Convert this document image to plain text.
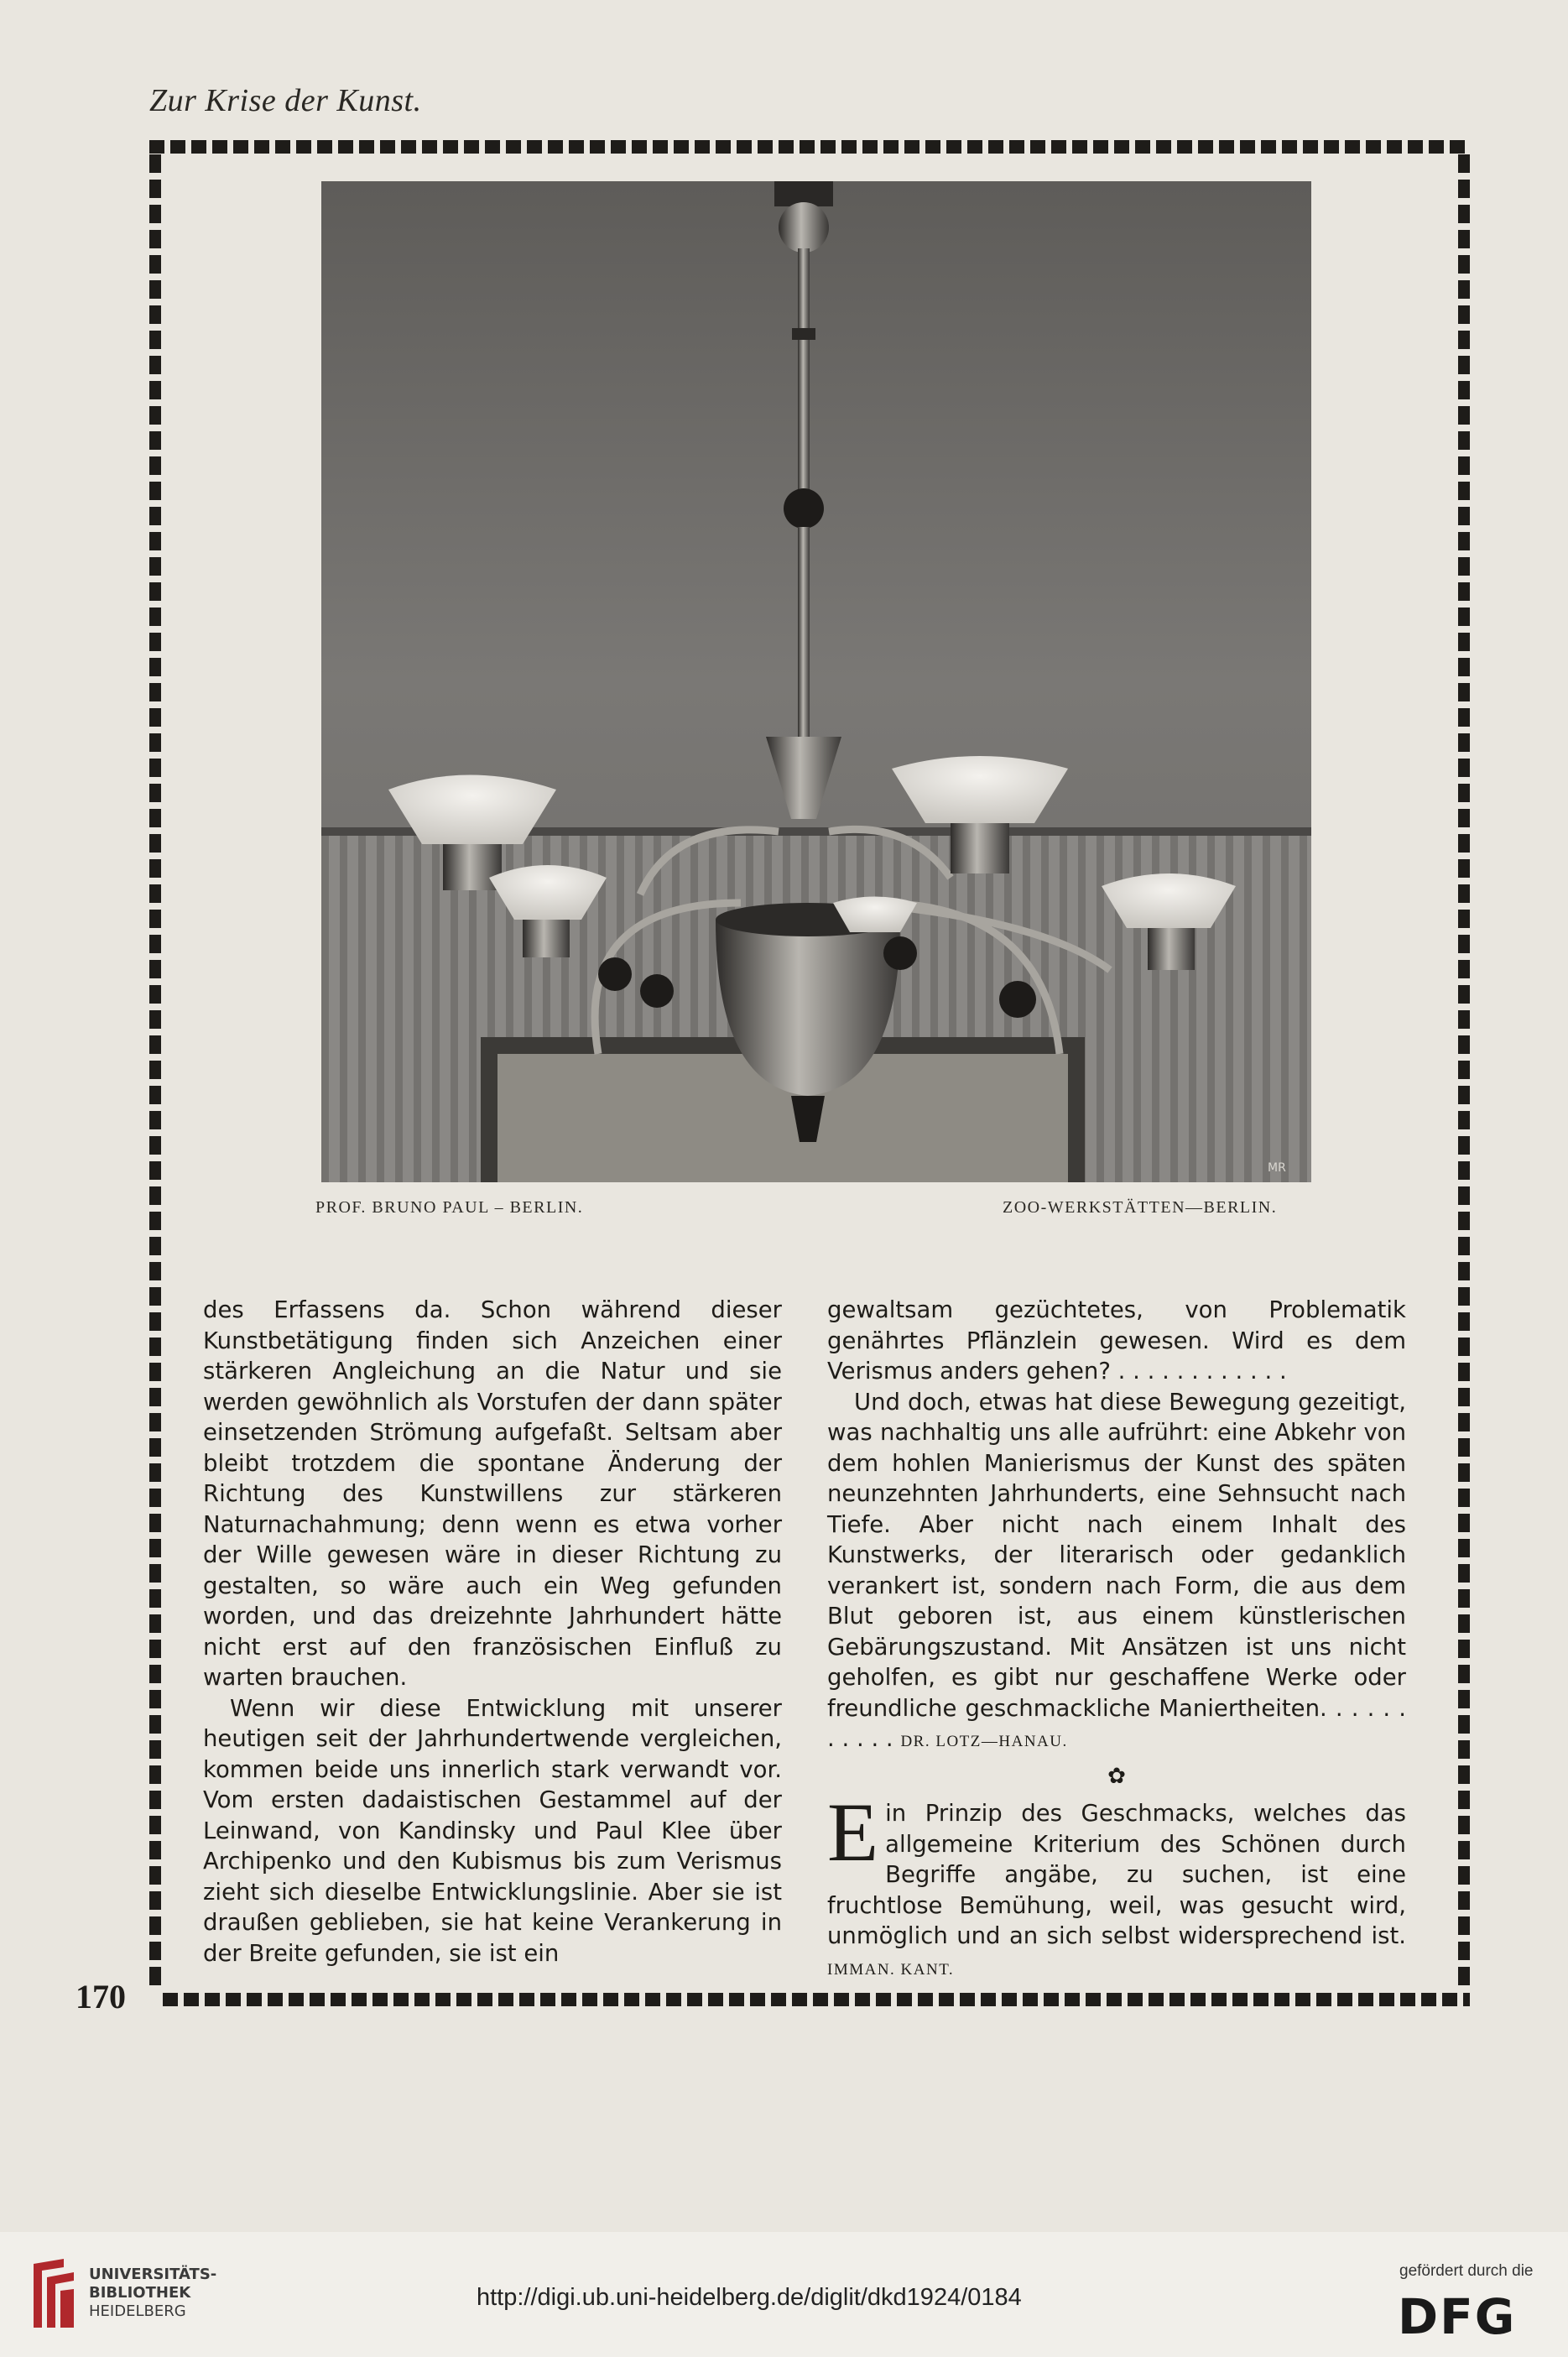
Zur Krise der Kunst.
170
MR
PROF. BRUNO PAUL – BERLIN.	ZOO-WERKSTÄTTEN—BERLIN.

des Erfassens da. Schon während dieser Kunstbetätigung finden sich Anzeichen einer stärkeren Angleichung an die Natur und sie werden gewöhnlich als Vorstufen der dann später einsetzenden Strömung aufgefaßt. Seltsam aber bleibt trotzdem die spontane Änderung der Richtung des Kunstwillens zur stärkeren Naturnachahmung; denn wenn es etwa vorher der Wille gewesen wäre in dieser Richtung zu gestalten, so wäre auch ein Weg gefunden worden, und das dreizehnte Jahrhundert hätte nicht erst auf den französischen Einfluß zu warten brauchen.

Wenn wir diese Entwicklung mit unserer heutigen seit der Jahrhundertwende vergleichen, kommen beide uns innerlich stark verwandt vor. Vom ersten dadaistischen Gestammel auf der Leinwand, von Kandinsky und Paul Klee über Archipenko und den Kubismus bis zum Verismus zieht sich dieselbe Entwicklungslinie. Aber sie ist draußen geblieben, sie hat keine Verankerung in der Breite gefunden, sie ist ein

gewaltsam gezüchtetes, von Problematik genährtes Pflänzlein gewesen. Wird es dem Verismus anders gehen? . . . . . . . . . . . .

Und doch, etwas hat diese Bewegung gezeitigt, was nachhaltig uns alle aufrührt: eine Abkehr von dem hohlen Manierismus der Kunst des späten neunzehnten Jahrhunderts, eine Sehnsucht nach Tiefe. Aber nicht nach einem Inhalt des Kunstwerks, der literarisch oder gedanklich verankert ist, sondern nach Form, die aus dem Blut geboren ist, aus einem künstlerischen Gebärungszustand. Mit Ansätzen ist uns nicht geholfen, es gibt nur geschaffene Werke oder freundliche geschmackliche Maniertheiten. . . . . . . . . . . DR. LOTZ—HANAU.

✿

Ein Prinzip des Geschmacks, welches das allgemeine Kriterium des Schönen durch Begriffe angäbe, zu suchen, ist eine fruchtlose Bemühung, weil, was gesucht wird, unmöglich und an sich selbst widersprechend ist. IMMAN. KANT.

UNIVERSITÄTS-
BIBLIOTHEK
HEIDELBERG
http://digi.ub.uni-heidelberg.de/diglit/dkd1924/0184
gefördert durch die
DFG
